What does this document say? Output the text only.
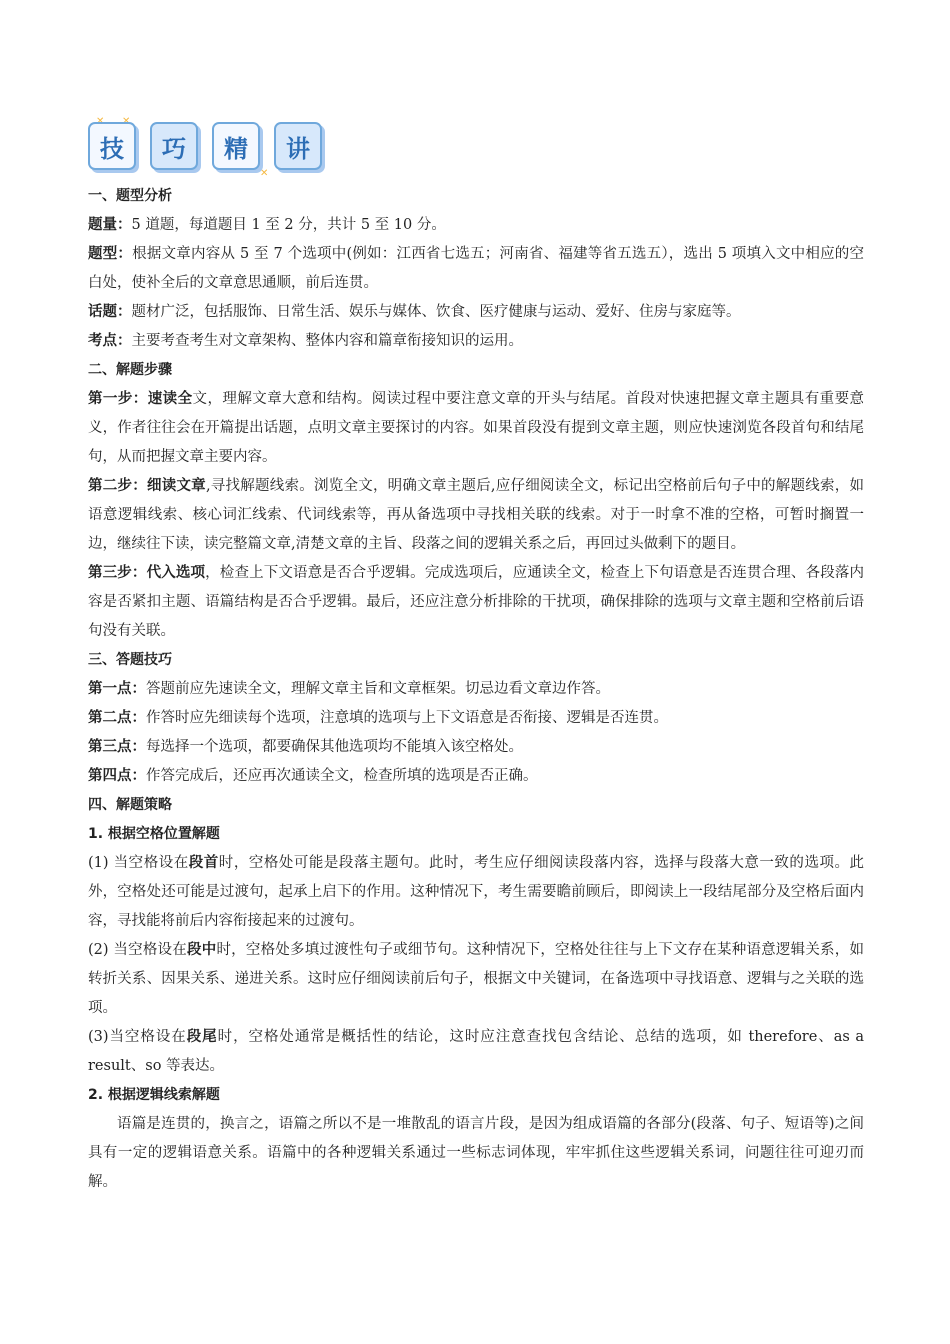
✕
技	巧	精	讲

一、题型分析

题量：5 道题，每道题目 1 至 2 分，共计 5 至 10 分。

题型：根据文章内容从 5 至 7 个选项中(例如：江西省七选五；河南省、福建等省五选五），选出 5 项填入文中相应的空白处，使补全后的文章意思通顺，前后连贯。

话题：题材广泛，包括服饰、日常生活、娱乐与媒体、饮食、医疗健康与运动、爱好、住房与家庭等。

考点：主要考查考生对文章架构、整体内容和篇章衔接知识的运用。

二、解题步骤

第一步：速读全文，理解文章大意和结构。阅读过程中要注意文章的开头与结尾。首段对快速把握文章主题具有重要意义，作者往往会在开篇提出话题，点明文章主要探讨的内容。如果首段没有提到文章主题，则应快速浏览各段首句和结尾句，从而把握文章主要内容。

第二步：细读文章,寻找解题线索。浏览全文，明确文章主题后,应仔细阅读全文，标记出空格前后句子中的解题线索，如语意逻辑线索、核心词汇线索、代词线索等，再从备选项中寻找相关联的线索。对于一时拿不准的空格，可暂时搁置一边，继续往下读，读完整篇文章,清楚文章的主旨、段落之间的逻辑关系之后，再回过头做剩下的题目。

第三步：代入选项，检查上下文语意是否合乎逻辑。完成选项后，应通读全文，检查上下句语意是否连贯合理、各段落内容是否紧扣主题、语篇结构是否合乎逻辑。最后，还应注意分析排除的干扰项，确保排除的选项与文章主题和空格前后语句没有关联。

三、答题技巧

第一点：答题前应先速读全文，理解文章主旨和文章框架。切忌边看文章边作答。

第二点：作答时应先细读每个选项，注意填的选项与上下文语意是否衔接、逻辑是否连贯。

第三点：每选择一个选项，都要确保其他选项均不能填入该空格处。

第四点：作答完成后，还应再次通读全文，检查所填的选项是否正确。

四、解题策略

1. 根据空格位置解题

(1) 当空格设在段首时，空格处可能是段落主题句。此时，考生应仔细阅读段落内容，选择与段落大意一致的选项。此外，空格处还可能是过渡句，起承上启下的作用。这种情况下，考生需要瞻前顾后，即阅读上一段结尾部分及空格后面内容，寻找能将前后内容衔接起来的过渡句。

(2) 当空格设在段中时，空格处多填过渡性句子或细节句。这种情况下，空格处往往与上下文存在某种语意逻辑关系，如转折关系、因果关系、递进关系。这时应仔细阅读前后句子，根据文中关键词，在备选项中寻找语意、逻辑与之关联的选项。

(3)当空格设在段尾时，空格处通常是概括性的结论，这时应注意查找包含结论、总结的选项，如 therefore、as a result、so 等表达。

2. 根据逻辑线索解题

语篇是连贯的，换言之，语篇之所以不是一堆散乱的语言片段，是因为组成语篇的各部分(段落、句子、短语等)之间具有一定的逻辑语意关系。语篇中的各种逻辑关系通过一些标志词体现，牢牢抓住这些逻辑关系词，问题往往可迎刃而解。
